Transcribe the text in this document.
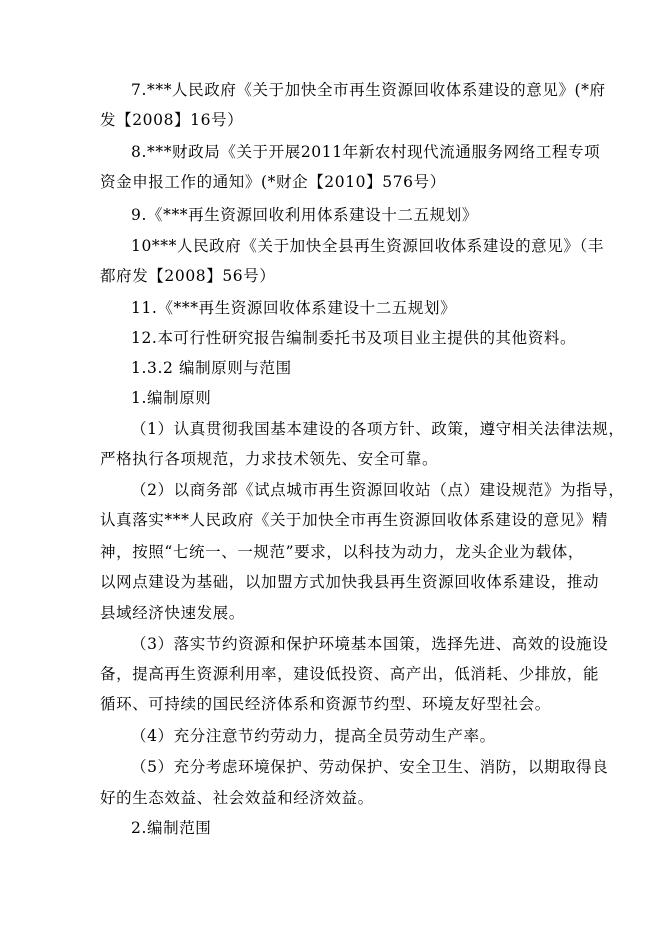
7.***人民政府《关于加快全市再生资源回收体系建设的意见》(*府
发【2008】16号）
8.***财政局《关于开展2011年新农村现代流通服务网络工程专项
资金申报工作的通知》(*财企【2010】576号）
9.《***再生资源回收利用体系建设十二五规划》
10***人民政府《关于加快全县再生资源回收体系建设的意见》（丰
都府发【2008】56号）
11.《***再生资源回收体系建设十二五规划》
12.本可行性研究报告编制委托书及项目业主提供的其他资料。
1.3.2 编制原则与范围
1.编制原则
（1）认真贯彻我国基本建设的各项方针、政策，遵守相关法律法规，
严格执行各项规范，力求技术领先、安全可靠。
（2）以商务部《试点城市再生资源回收站（点）建设规范》为指导，
认真落实***人民政府《关于加快全市再生资源回收体系建设的意见》精
神，按照“七统一、一规范”要求，以科技为动力，龙头企业为载体，
以网点建设为基础，以加盟方式加快我县再生资源回收体系建设，推动
县域经济快速发展。
（3）落实节约资源和保护环境基本国策，选择先进、高效的设施设
备，提高再生资源利用率，建设低投资、高产出，低消耗、少排放，能
循环、可持续的国民经济体系和资源节约型、环境友好型社会。
（4）充分注意节约劳动力，提高全员劳动生产率。
（5）充分考虑环境保护、劳动保护、安全卫生、消防，以期取得良
好的生态效益、社会效益和经济效益。
2.编制范围
